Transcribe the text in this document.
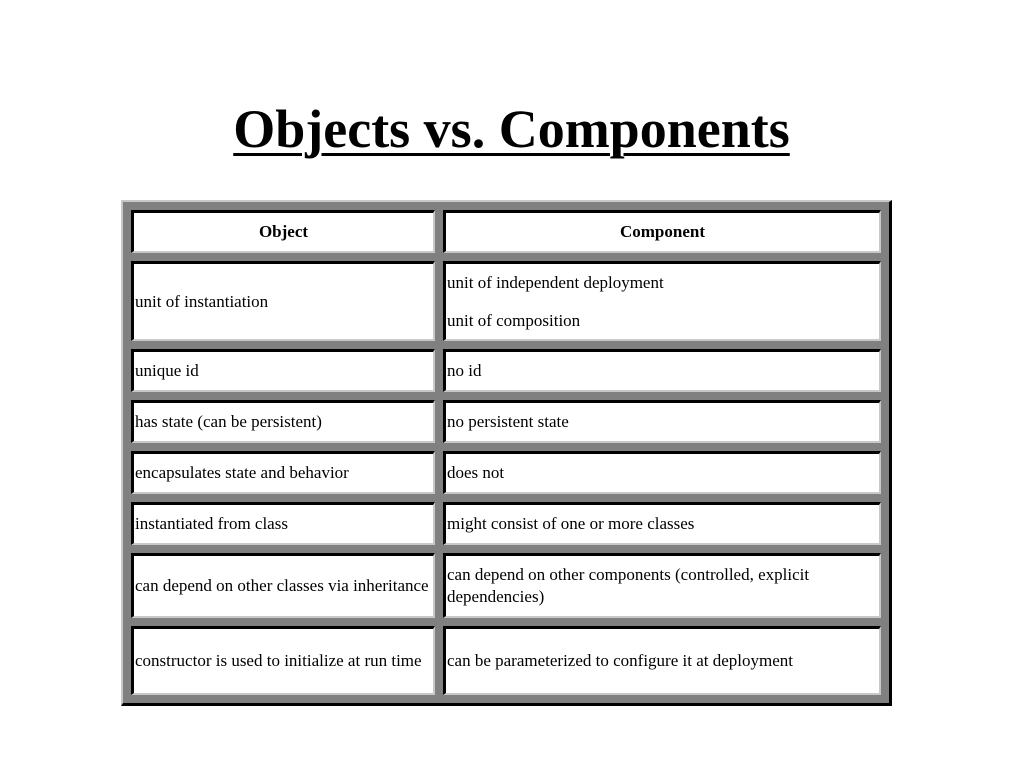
Objects vs. Components
Object	Component
unit of instantiation	unit of independent deployment

unit of composition

unique id	no id
has state (can be persistent)	no persistent state
encapsulates state and behavior	does not
instantiated from class	might consist of one or more classes
can depend on other classes via inheritance	can depend on other components (controlled, explicit dependencies)
constructor is used to initialize at run time	can be parameterized to configure it at deployment
